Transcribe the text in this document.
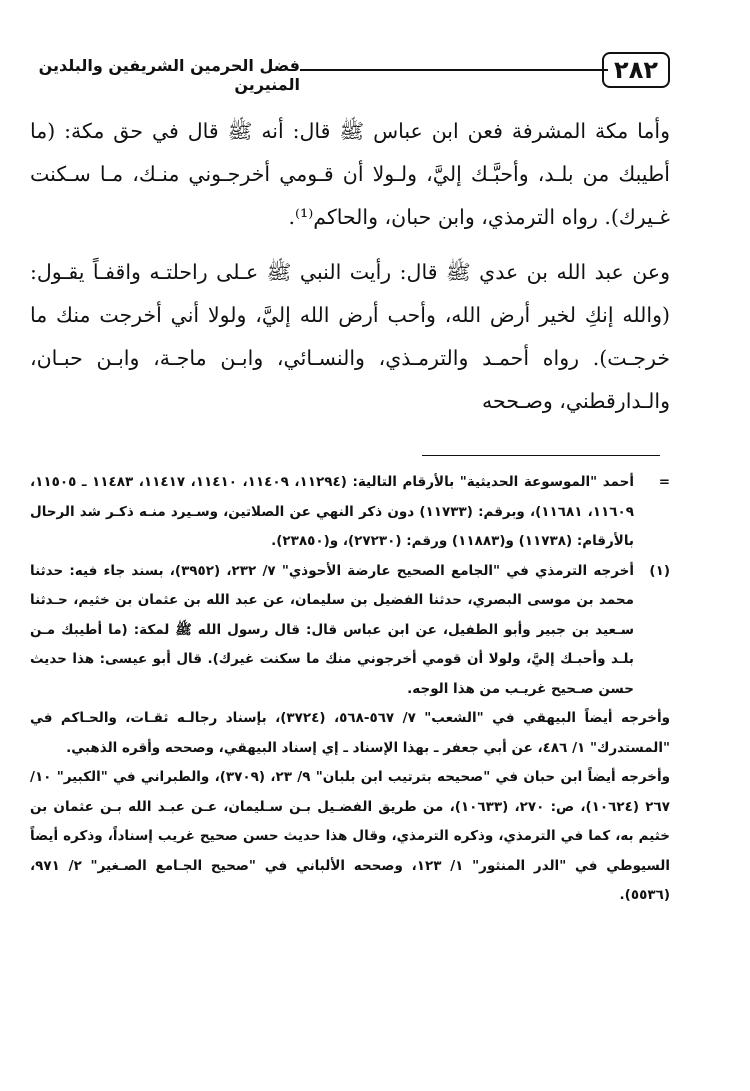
٢٨٢
فضل الحرمين الشريفين والبلدين المنيرين

وأما مكة المشرفة فعن ابن عباس ﷺ قال: أنه ﷺ قال في حق مكة: (ما أطيبك من بلـد، وأحبَّـك إليَّ، ولـولا أن قـومي أخرجـوني منـك، مـا سـكنت غـيرك). رواه الترمذي، وابن حبان، والحاكم⁽¹⁾.

وعن عبد الله بن عدي ﷺ قال: رأيت النبي ﷺ عـلى راحلتـه واقفـاً يقـول: (والله إنكِ لخير أرض الله، وأحب أرض الله إليَّ، ولولا أني أخرجت منك ما خرجـت). رواه أحمـد والترمـذي، والنسـائي، وابـن ماجـة، وابـن حبـان، والـدارقطني، وصـححه

=
أحمد "الموسوعة الحديثية" بالأرقام التالية: (١١٢٩٤، ١١٤٠٩، ١١٤١٠، ١١٤١٧، ١١٤٨٣ ـ ١١٥٠٥، ١١٦٠٩، ١١٦٨١)، وبرقم: (١١٧٣٣) دون ذكر النهي عن الصلاتين، وسـيرد منـه ذكـر شد الرحال بالأرقام: (١١٧٣٨) و(١١٨٨٣) ورقم: (٢٧٢٣٠)، و(٢٣٨٥٠).
(١)
أخرجه الترمذي في "الجامع الصحيح عارضة الأحوذي" ٧/ ٢٣٢، (٣٩٥٢)، بسند جاء فيه: حدثنا محمد بن موسى البصري، حدثنا الفضيل بن سليمان، عن عبد الله بن عثمان بن خثيم، حـدثنا سـعيد بن جبير وأبو الطفيل، عن ابن عباس قال: قال رسول الله ﷺ لمكة: (ما أطيبك مـن بلـد وأحبـك إليَّ، ولولا أن قومي أخرجوني منك ما سكنت غيرك). قال أبو عيسى: هذا حديث حسن صـحيح غريـب من هذا الوجه.

وأخرجه أيضاً البيهقي في "الشعب" ٧/ ٥٦٧-٥٦٨، (٣٧٢٤)، بإسناد رجالـه ثقـات، والحـاكم في "المستدرك" ١/ ٤٨٦، عن أبي جعفر ـ بهذا الإسناد ـ إي إسناد البيهقي، وصححه وأقره الذهبي.

وأخرجه أيضاً ابن حبان في "صحيحه بترتيب ابن بلبان" ٩/ ٢٣، (٣٧٠٩)، والطبراني في "الكبير" ١٠/ ٢٦٧ (١٠٦٢٤)، ص: ٢٧٠، (١٠٦٣٣)، من طريق الفضـيل بـن سـليمان، عـن عبـد الله بـن عثمان بن خثيم به، كما في الترمذي، وذكره الترمذي، وقال هذا حديث حسن صحيح غريب إسناداً، وذكره أيضاً السيوطي في "الدر المنثور" ١/ ١٢٣، وصححه الألباني في "صحيح الجـامع الصـغير" ٢/ ٩٧١، (٥٥٣٦).
